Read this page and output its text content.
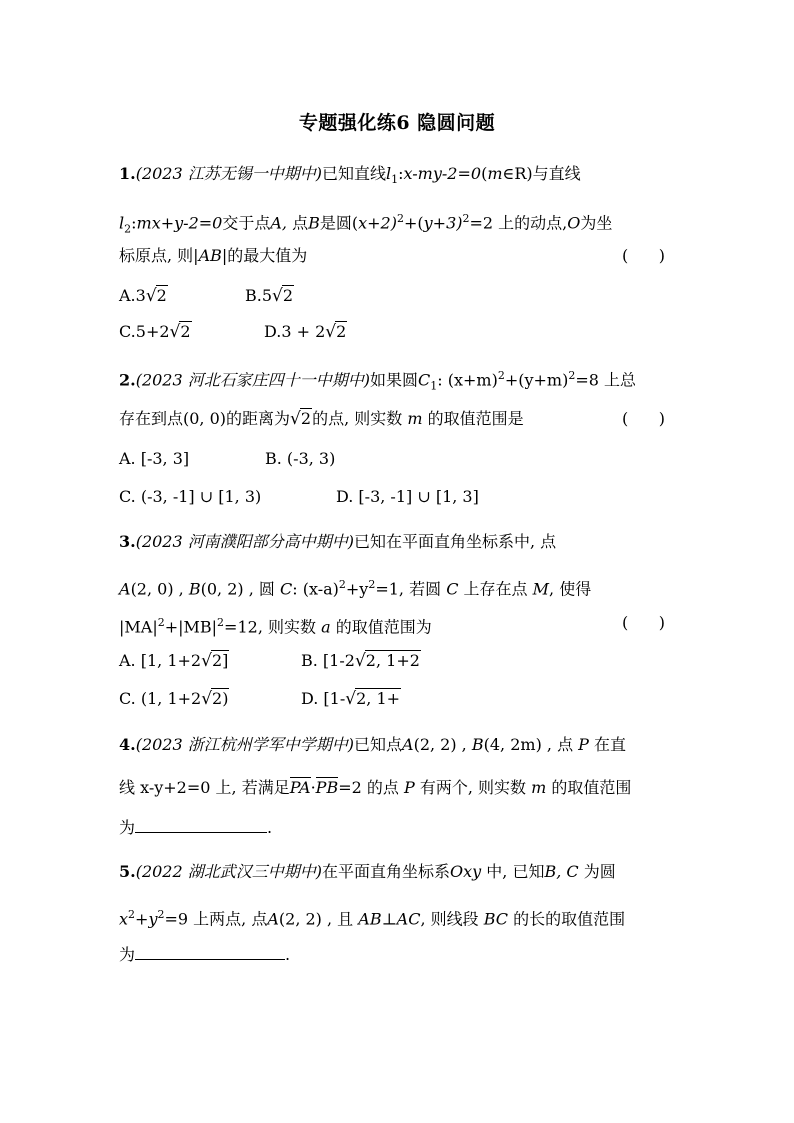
专题强化练6 隐圆问题
1.(2023 江苏无锡一中期中)已知直线$l_1:x-my-2=0(m\in R)$与直线
$l_2:mx+y-2=0$交于点A, 点B是圆$(x+2)^2+(y+3)^2=2$ 上的动点,O为坐
标原点, 则|AB|的最大值为	(      )
A.3√2	B.5√2
C.5+2√2	D.3 + 2√2
2.(2023 河北石家庄四十一中期中)如果圆$C_1$: $(x+m)^2+(y+m)^2=8$ 上总
存在到点(0, 0)的距离为√2的点, 则实数 m 的取值范围是	(      )
A. [-3, 3]	B. (-3, 3)
C. (-3, -1] ∪ [1, 3)	D. [-3, -1] ∪ [1, 3]
3.(2023 河南濮阳部分高中期中)已知在平面直角坐标系中, 点
A(2, 0) , B(0, 2) , 圆 C: $(x-a)^2+y^2=1$, 若圆 C 上存在点 M, 使得
$|MA|^2+|MB|^2=12$, 则实数 a 的取值范围为	(      )
A. [1, 1+2√2]	B. [1-2√2, 1+2
C. (1, 1+2√2)	D. [1-√2, 1+
4.(2023 浙江杭州学军中学期中)已知点A(2, 2) , B(4, 2m) , 点 P 在直
线 x-y+2=0 上, 若满足PA·PB=2 的点 P 有两个, 则实数 m 的取值范围
为	.
5.(2022 湖北武汉三中期中)在平面直角坐标系Oxy 中, 已知B, C 为圆
$x^2+y^2=9$ 上两点, 点A(2, 2) , 且 AB⊥AC, 则线段 BC 的长的取值范围
为	.
